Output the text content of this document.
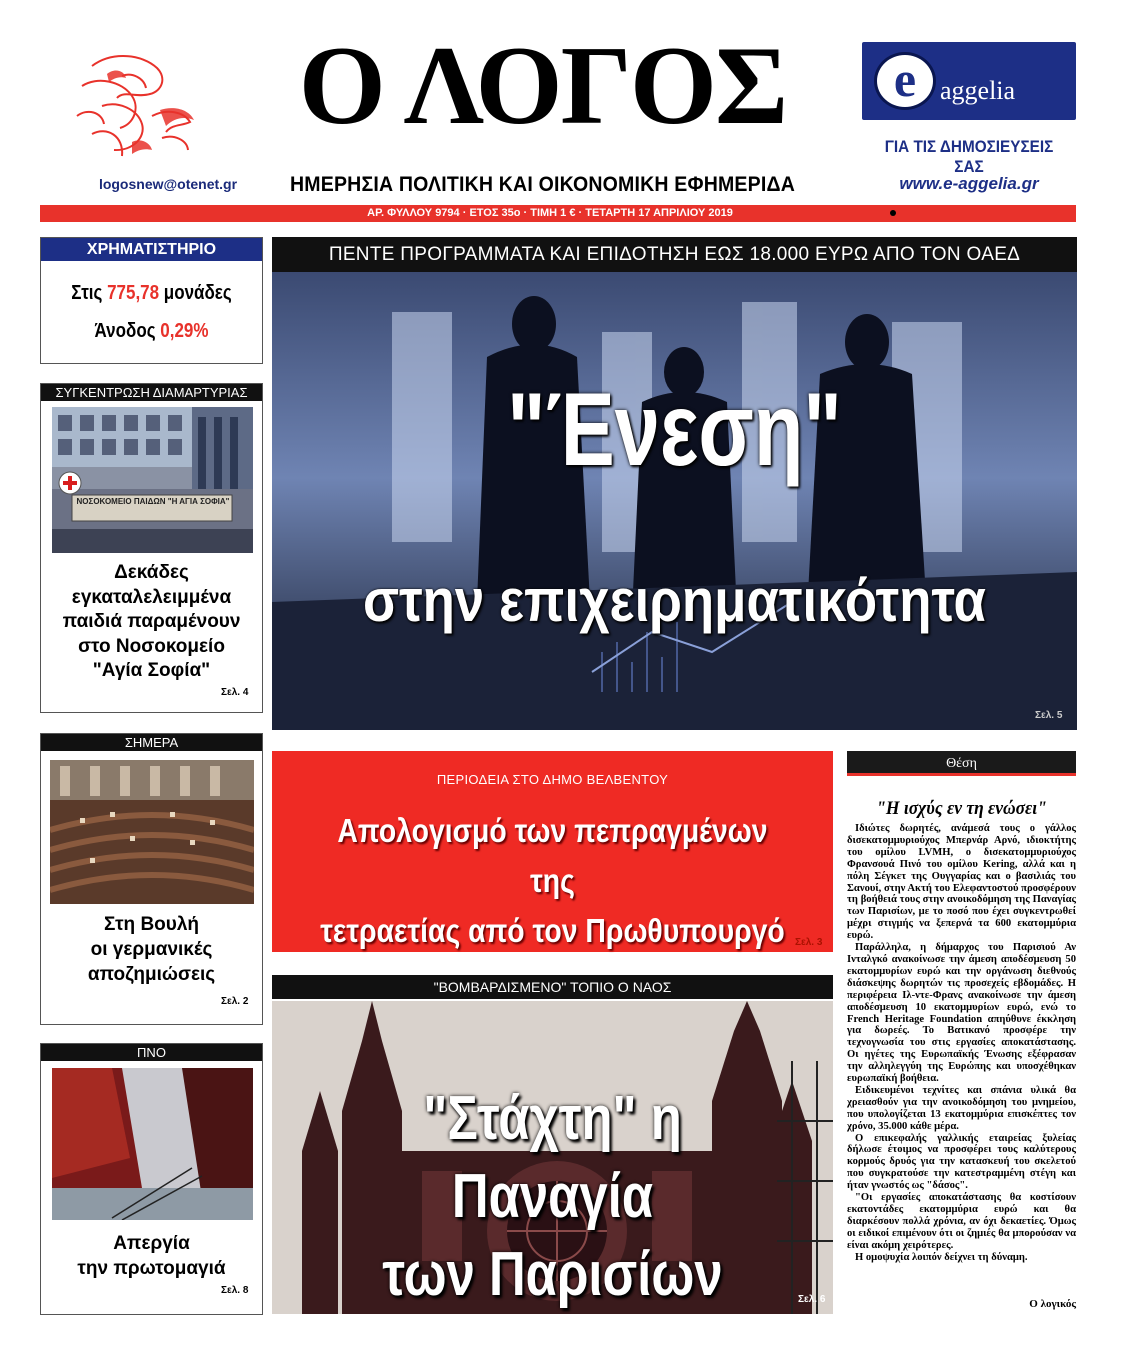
logosnew@otenet.gr
Ο ΛΟΓΟΣ
ΗΜΕΡΗΣΙΑ ΠΟΛΙΤΙΚΗ ΚΑΙ ΟΙΚΟΝΟΜΙΚΗ ΕΦΗΜΕΡΙΔΑ
e aggelia
ΓΙΑ ΤΙΣ ΔΗΜΟΣΙΕΥΣΕΙΣ ΣΑΣ
www.e-aggelia.gr
ΑΡ. ΦΥΛΛΟΥ 9794 · ΕΤΟΣ 35ο · ΤΙΜΗ 1 € · ΤΕΤΑΡΤΗ 17 ΑΠΡΙΛΙΟΥ 2019
ΧΡΗΜΑΤΙΣΤΗΡΙΟ
Στις 775,78 μονάδες
Άνοδος 0,29%
ΣΥΓΚΕΝΤΡΩΣΗ ΔΙΑΜΑΡΤΥΡΙΑΣ
ΝΟΣΟΚΟΜΕΙΟ ΠΑΙΔΩΝ "Η ΑΓΙΑ ΣΟΦΙΑ"
Δεκάδες
εγκαταλελειμμένα
παιδιά παραμένουν
στο Νοσοκομείο
"Αγία Σοφία"
Σελ. 4
ΣΗΜΕΡΑ
Στη Βουλή
οι γερμανικές
αποζημιώσεις
Σελ. 2
ΠΝΟ
Απεργία
την πρωτομαγιά
Σελ. 8
ΠΕΝΤΕ ΠΡΟΓΡΑΜΜΑΤΑ ΚΑΙ ΕΠΙΔΟΤΗΣΗ ΕΩΣ 18.000 ΕΥΡΩ ΑΠΟ ΤΟΝ ΟΑΕΔ
"Ένεση"
στην επιχειρηματικότητα
Σελ. 5
ΠΕΡΙΟΔΕΙΑ ΣΤΟ ΔΗΜΟ ΒΕΛΒΕΝΤΟΥ
Απολογισμό των πεπραγμένων της
τετραετίας από τον Πρωθυπουργό	Σελ. 3
"ΒΟΜΒΑΡΔΙΣΜΕΝΟ" ΤΟΠΙΟ Ο ΝΑΟΣ
"Στάχτη" η Παναγία
των Παρισίων	Σελ. 6
Θέση
"Η ισχύς εν τη ενώσει"

Ιδιώτες δωρητές, ανάμεσά τους ο γάλλος δισεκατομμυριούχος Μπερνάρ Αρνό, ιδιοκτήτης του ομίλου LVMH, ο δισεκατομμυριούχος Φρανσουά Πινό του ομίλου Kering, αλλά και η πόλη Σέγκετ της Ουγγαρίας και ο βασιλιάς του Σανουί, στην Ακτή του Ελεφαντοστού προσφέρουν τη βοήθειά τους στην ανοικοδόμηση της Παναγίας των Παρισίων, με το ποσό που έχει συγκεντρωθεί μέχρι στιγμής να ξεπερνά τα 600 εκατομμύρια ευρώ.

Παράλληλα, η δήμαρχος του Παρισιού Αν Ινταλγκό ανακοίνωσε την άμεση αποδέσμευση 50 εκατομμυρίων ευρώ και την οργάνωση διεθνούς διάσκεψης δωρητών τις προσεχείς εβδομάδες. Η περιφέρεια Ιλ-ντε-Φρανς ανακοίνωσε την άμεση αποδέσμευση 10 εκατομμυρίων ευρώ, ενώ το French Heritage Foundation απηύθυνε έκκληση για δωρεές. Το Βατικανό προσφέρε την τεχνογνωσία του στις εργασίες αποκατάστασης. Οι ηγέτες της Ευρωπαϊκής Ένωσης εξέφρασαν την αλληλεγγύη της Ευρώπης και υποσχέθηκαν ευρωπαϊκή βοήθεια.

Ειδικευμένοι τεχνίτες και σπάνια υλικά θα χρειασθούν για την ανοικοδόμηση του μνημείου, που υπολογίζεται 13 εκατομμύρια επισκέπτες τον χρόνο, 35.000 κάθε μέρα.

Ο επικεφαλής γαλλικής εταιρείας ξυλείας δήλωσε έτοιμος να προσφέρει τους καλύτερους κορμούς δρυός για την κατασκευή του σκελετού που συγκρατούσε την κατεστραμμένη στέγη και ήταν γνωστός ως "δάσος".

"Οι εργασίες αποκατάστασης θα κοστίσουν εκατοντάδες εκατομμύρια ευρώ και θα διαρκέσουν πολλά χρόνια, αν όχι δεκαετίες. Όμως οι ειδικοί επιμένουν ότι οι ζημιές θα μπορούσαν να είναι ακόμη χειρότερες.

Η ομοψυχία λοιπόν δείχνει τη δύναμη.

Ο λογικός
